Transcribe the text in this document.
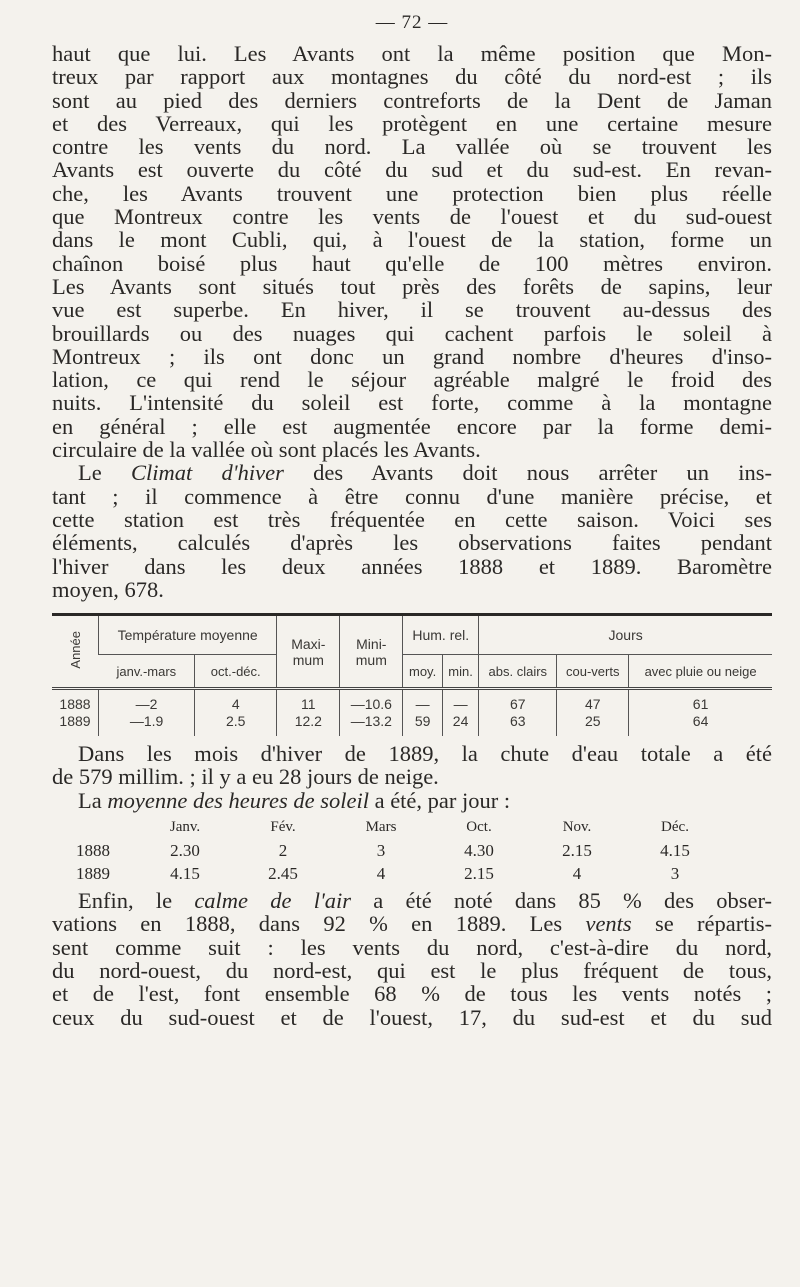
— 72 —

haut que lui. Les Avants ont la même position que Mon-
treux par rapport aux montagnes du côté du nord-est ; ils
sont au pied des derniers contreforts de la Dent de Jaman
et des Verreaux, qui les protègent en une certaine mesure
contre les vents du nord. La vallée où se trouvent les
Avants est ouverte du côté du sud et du sud-est. En revan-
che, les Avants trouvent une protection bien plus réelle
que Montreux contre les vents de l'ouest et du sud-ouest
dans le mont Cubli, qui, à l'ouest de la station, forme un
chaînon boisé plus haut qu'elle de 100 mètres environ.
Les Avants sont situés tout près des forêts de sapins, leur
vue est superbe. En hiver, il se trouvent au-dessus des
brouillards ou des nuages qui cachent parfois le soleil à
Montreux ; ils ont donc un grand nombre d'heures d'inso-
lation, ce qui rend le séjour agréable malgré le froid des
nuits. L'intensité du soleil est forte, comme à la montagne
en général ; elle est augmentée encore par la forme demi-
circulaire de la vallée où sont placés les Avants.

Le Climat d'hiver des Avants doit nous arrêter un ins-
tant ; il commence à être connu d'une manière précise, et
cette station est très fréquentée en cette saison. Voici ses
éléments, calculés d'après les observations faites pendant
l'hiver dans les deux années 1888 et 1889. Baromètre
moyen, 678.

Année	Température moyenne		Maxi-mum	Mini-mum	Hum. rel.		Jours		
	janv.-mars	oct.-déc.			moy.	min.	abs. clairs	cou-verts	avec pluie ou neige
1888	—2	4	11	—10.6	—	—	67	47	61
1889	—1.9	2.5	12.2	—13.2	59	24	63	25	64

Dans les mois d'hiver de 1889, la chute d'eau totale a été
de 579 millim. ; il y a eu 28 jours de neige.

La moyenne des heures de soleil a été, par jour :

	Janv.	Fév.	Mars	Oct.	Nov.	Déc.
1888	2.30	2	3	4.30	2.15	4.15
1889	4.15	2.45	4	2.15	4	3

Enfin, le calme de l'air a été noté dans 85 % des obser-
vations en 1888, dans 92 % en 1889. Les vents se répartis-
sent comme suit : les vents du nord, c'est-à-dire du nord,
du nord-ouest, du nord-est, qui est le plus fréquent de tous,
et de l'est, font ensemble 68 % de tous les vents notés ;
ceux du sud-ouest et de l'ouest, 17, du sud-est et du sud
